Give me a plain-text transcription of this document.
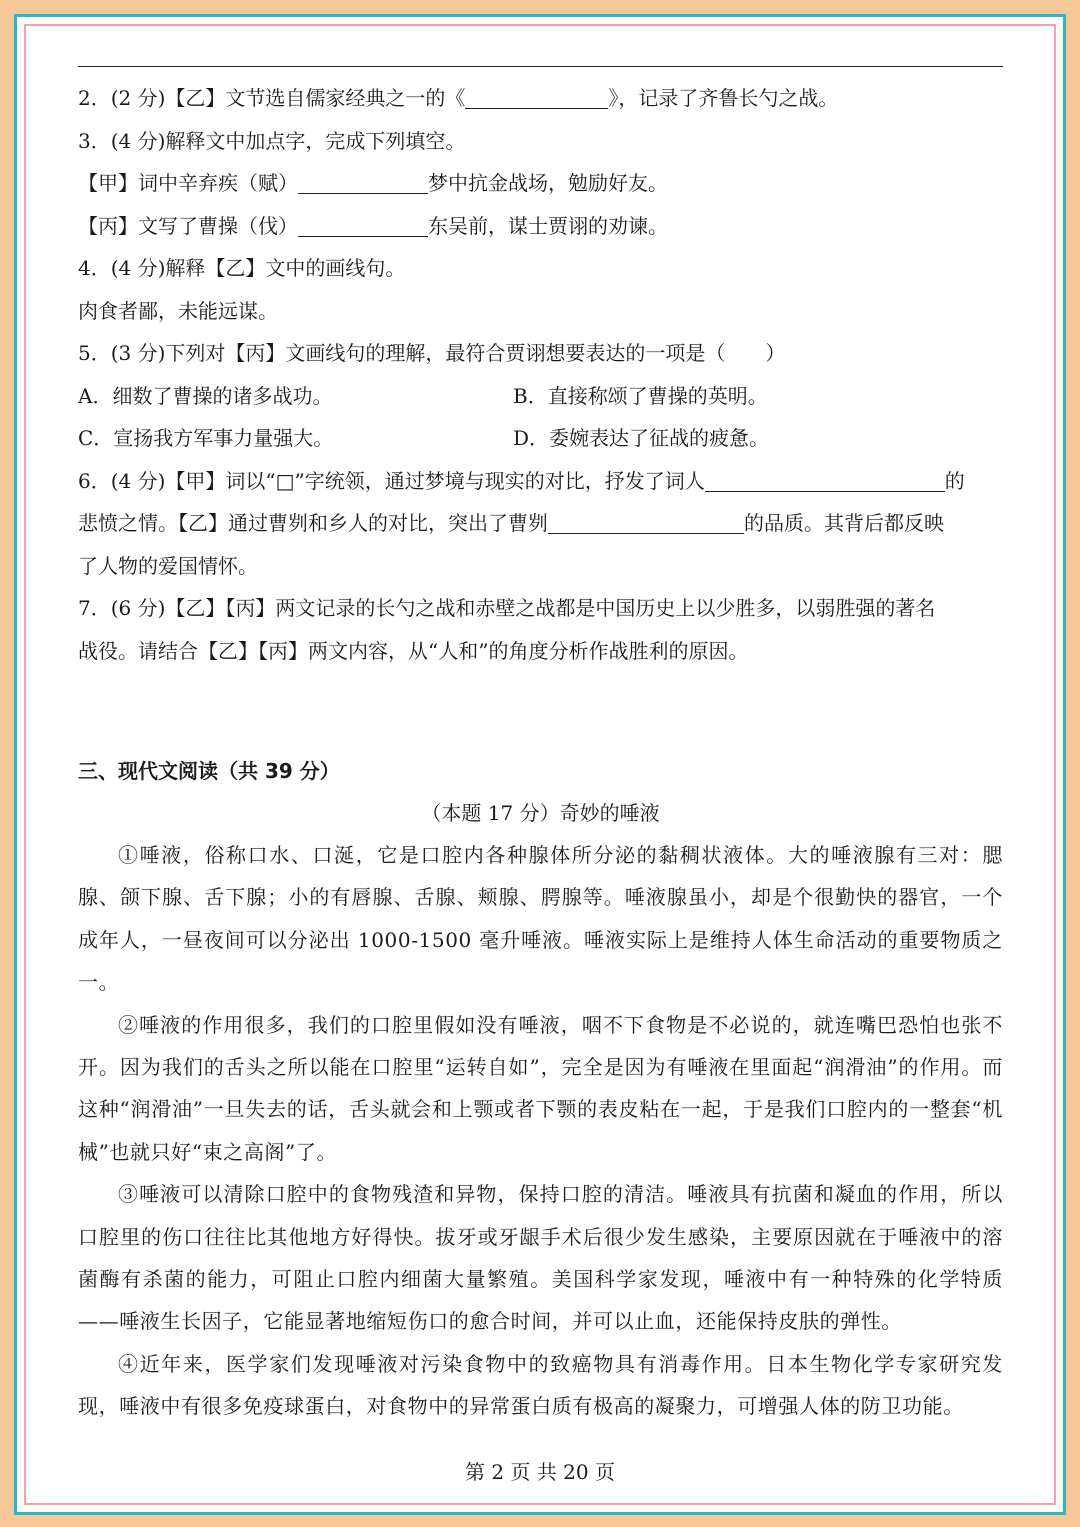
2．(2 分)【乙】文节选自儒家经典之一的《	》，记录了齐鲁长勺之战。
3．(4 分)解释文中加点字，完成下列填空。
【甲】词中辛弃疾（赋）	梦中抗金战场，勉励好友。
【丙】文写了曹操（伐）	东吴前，谋士贾诩的劝谏。
4．(4 分)解释【乙】文中的画线句。
肉食者鄙，未能远谋。
5．(3 分)下列对【丙】文画线句的理解，最符合贾诩想要表达的一项是（　　）
A．细数了曹操的诸多战功。	B．直接称颂了曹操的英明。
C．宣扬我方军事力量强大。	D．委婉表达了征战的疲惫。
6．(4 分)【甲】词以“□”字统领，通过梦境与现实的对比，抒发了词人	的
悲愤之情。【乙】通过曹刿和乡人的对比，突出了曹刿	的品质。其背后都反映
了人物的爱国情怀。
7．(6 分)【乙】【丙】两文记录的长勺之战和赤壁之战都是中国历史上以少胜多，以弱胜强的著名
战役。请结合【乙】【丙】两文内容，从“人和”的角度分析作战胜利的原因。
三、现代文阅读（共 39 分）
（本题 17 分）奇妙的唾液
①唾液，俗称口水、口涎，它是口腔内各种腺体所分泌的黏稠状液体。大的唾液腺有三对：腮腺、颌下腺、舌下腺；小的有唇腺、舌腺、颊腺、腭腺等。唾液腺虽小，却是个很勤快的器官，一个成年人，一昼夜间可以分泌出 1000-1500 毫升唾液。唾液实际上是维持人体生命活动的重要物质之一。
②唾液的作用很多，我们的口腔里假如没有唾液，咽不下食物是不必说的，就连嘴巴恐怕也张不开。因为我们的舌头之所以能在口腔里“运转自如”，完全是因为有唾液在里面起“润滑油”的作用。而这种“润滑油”一旦失去的话，舌头就会和上颚或者下颚的表皮粘在一起，于是我们口腔内的一整套“机械”也就只好“束之高阁”了。
③唾液可以清除口腔中的食物残渣和异物，保持口腔的清洁。唾液具有抗菌和凝血的作用，所以口腔里的伤口往往比其他地方好得快。拔牙或牙龈手术后很少发生感染，主要原因就在于唾液中的溶菌酶有杀菌的能力，可阻止口腔内细菌大量繁殖。美国科学家发现，唾液中有一种特殊的化学特质——唾液生长因子，它能显著地缩短伤口的愈合时间，并可以止血，还能保持皮肤的弹性。
④近年来，医学家们发现唾液对污染食物中的致癌物具有消毒作用。日本生物化学专家研究发现，唾液中有很多免疫球蛋白，对食物中的异常蛋白质有极高的凝聚力，可增强人体的防卫功能。
第 2 页 共 20 页
